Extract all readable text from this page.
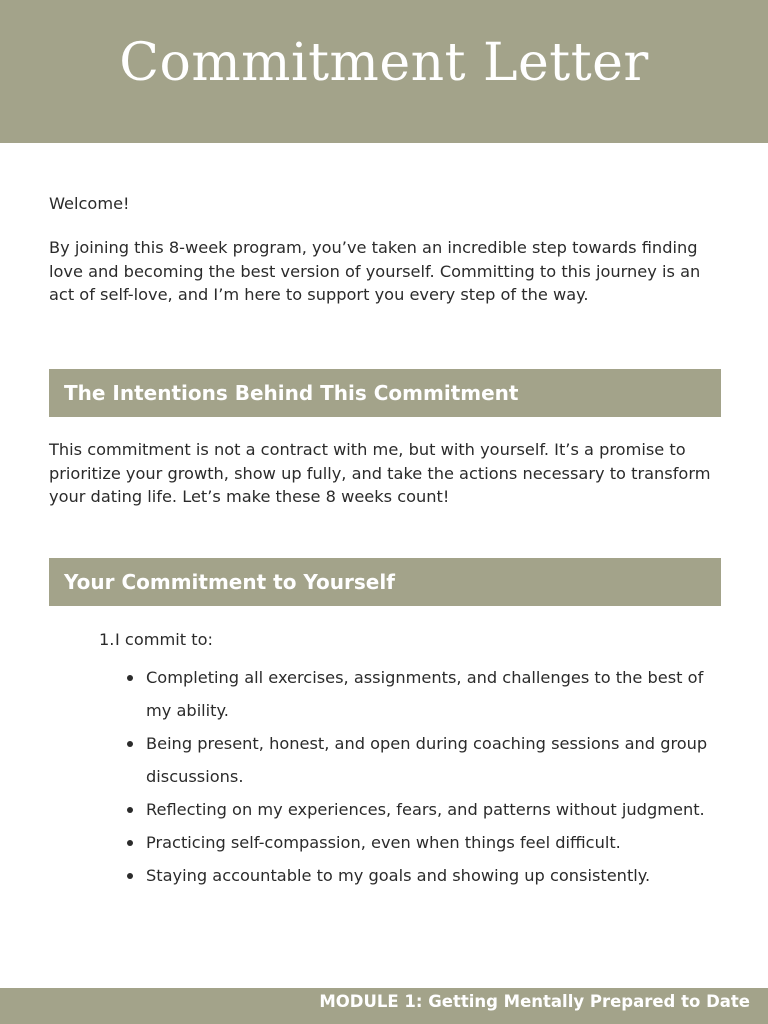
Commitment Letter

Welcome!

By joining this 8-week program, you’ve taken an incredible step towards finding love and becoming the best version of yourself. Committing to this journey is an act of self-love, and I’m here to support you every step of the way.

The Intentions Behind This Commitment

This commitment is not a contract with me, but with yourself. It’s a promise to prioritize your growth, show up fully, and take the actions necessary to transform your dating life. Let’s make these 8 weeks count!

Your Commitment to Yourself
1.I commit to:
Completing all exercises, assignments, and challenges to the best of my ability.
Being present, honest, and open during coaching sessions and group discussions.
Reflecting on my experiences, fears, and patterns without judgment.
Practicing self-compassion, even when things feel difficult.
Staying accountable to my goals and showing up consistently.
MODULE 1: Getting Mentally Prepared to Date
